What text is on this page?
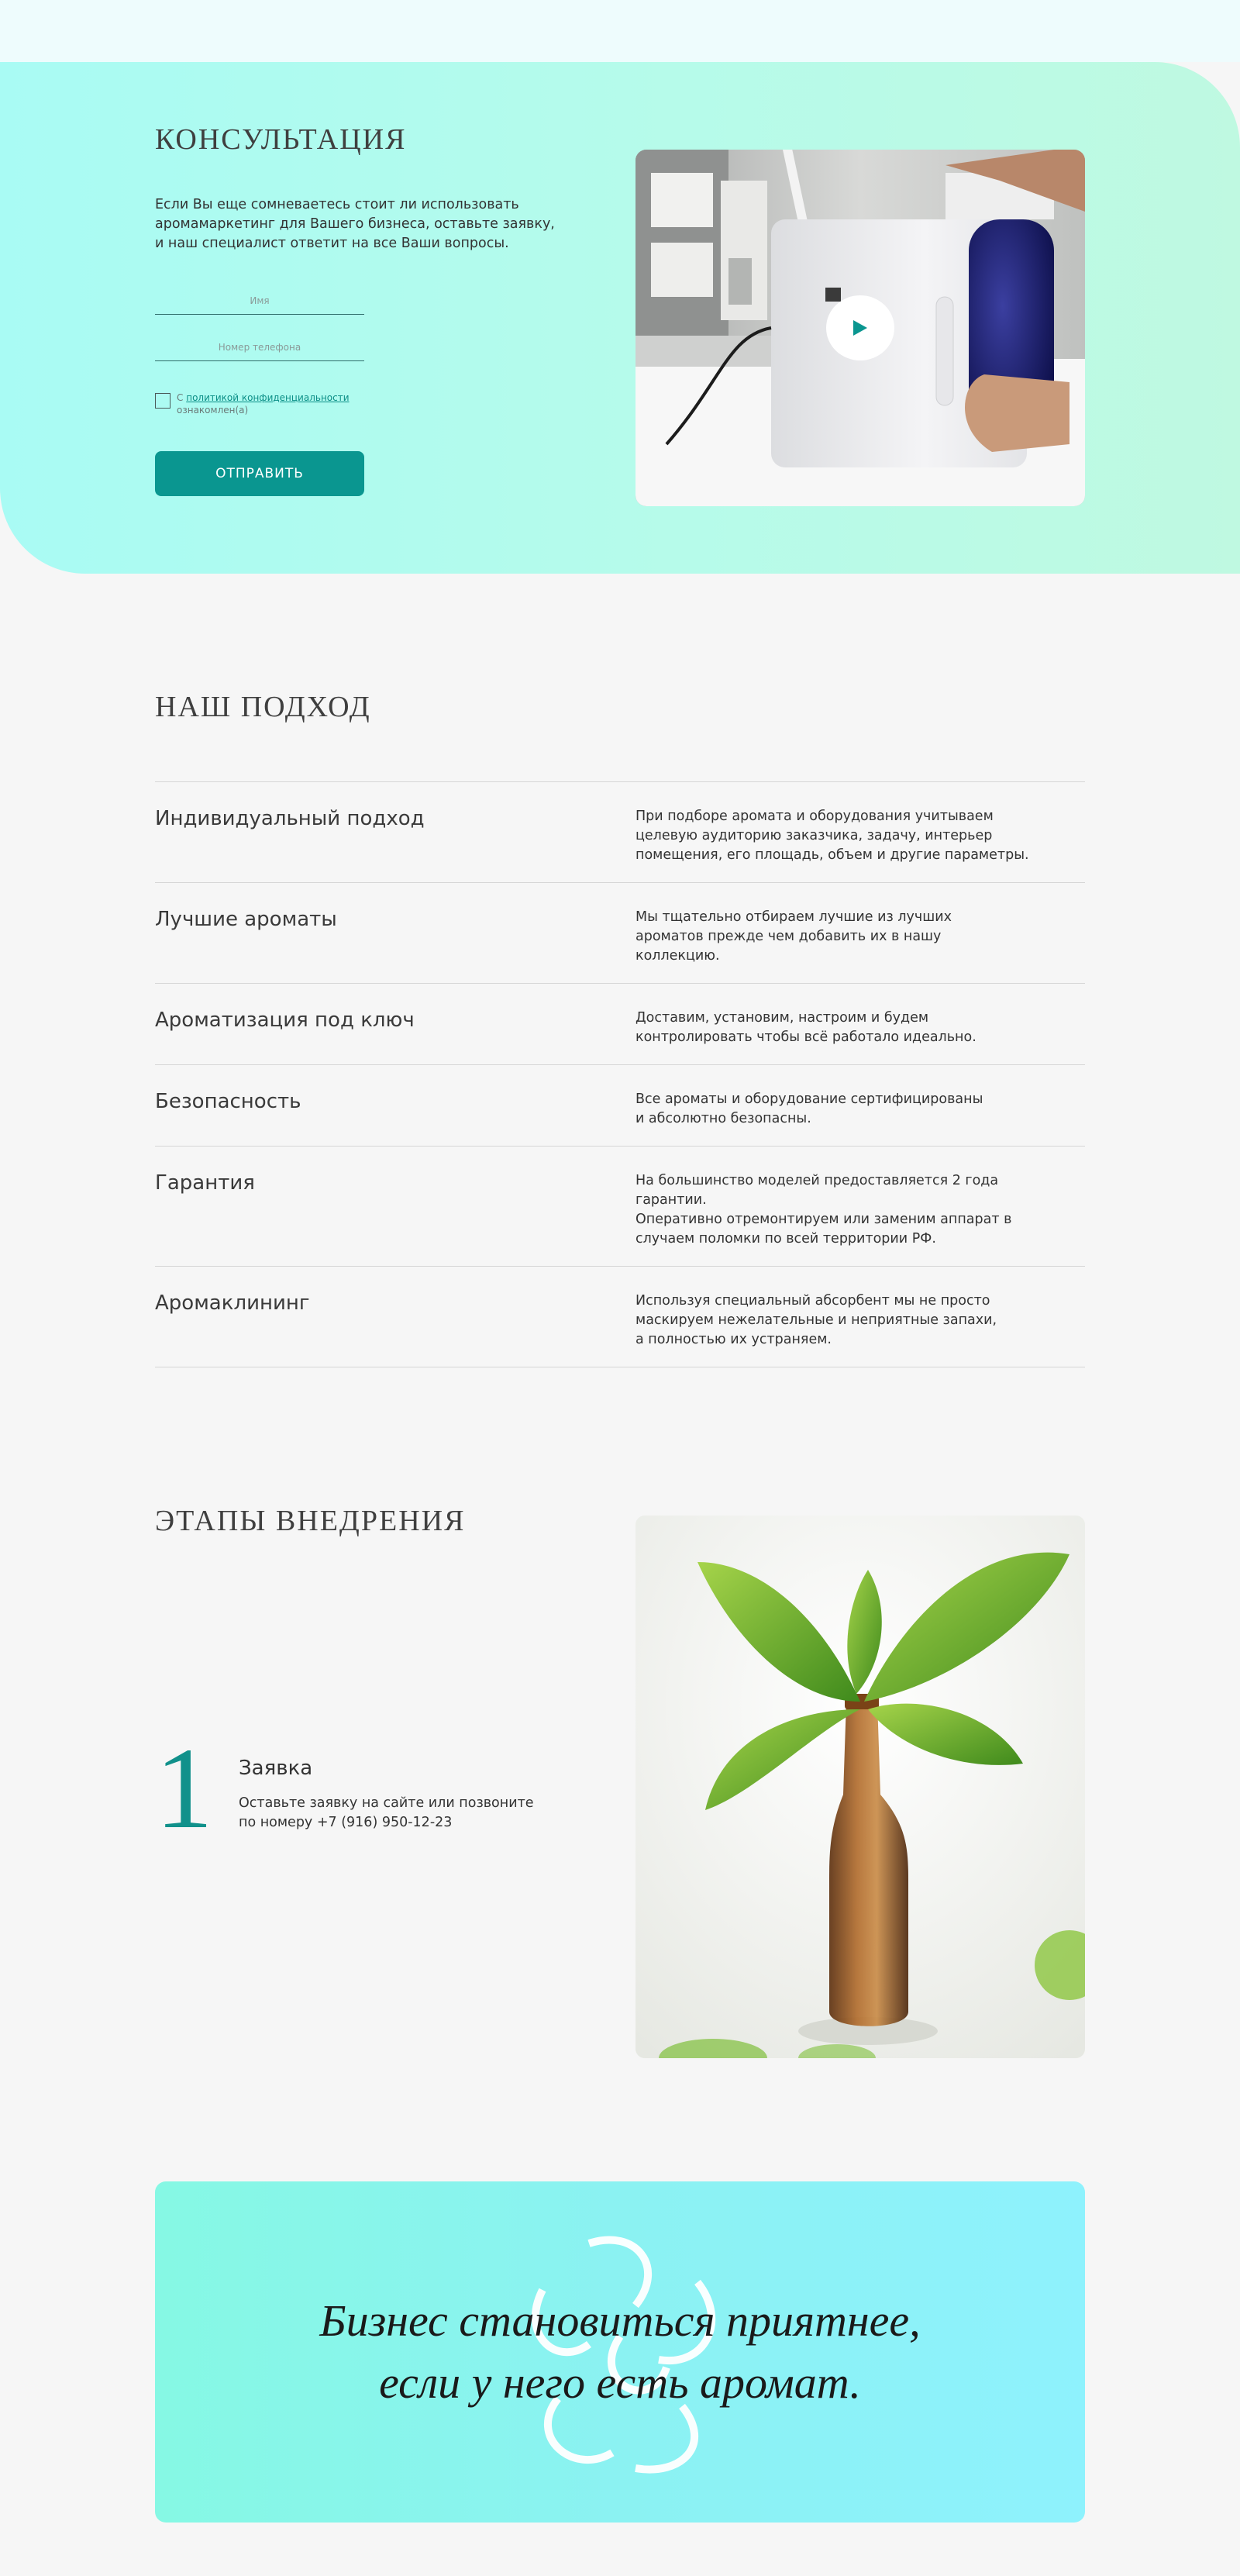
КОНСУЛЬТАЦИЯ

Если Вы еще сомневаетесь стоит ли использовать аромамаркетинг для Вашего бизнеса, оставьте заявку, и наш специалист ответит на все Ваши вопросы.

Имя
Номер телефона
С политикой конфиденциальности
ознакомлен(а)
ОТПРАВИТЬ
НАШ ПОДХОД
Индивидуальный подход	При подборе аромата и оборудования учитываем
целевую аудиторию заказчика, задачу, интерьер
помещения, его площадь, объем и другие параметры.
Лучшие ароматы	Мы тщательно отбираем лучшие из лучших
ароматов прежде чем добавить их в нашу
коллекцию.
Ароматизация под ключ	Доставим, установим, настроим и будем
контролировать чтобы всё работало идеально.
Безопасность	Все ароматы и оборудование сертифицированы
и абсолютно безопасны.
Гарантия	На большинство моделей предоставляется 2 года гарантии.
Оперативно отремонтируем или заменим аппарат в
случаем поломки по всей территории РФ.
Аромаклининг	Используя специальный абсорбент мы не просто
маскируем нежелательные и неприятные запахи,
а полностью их устраняем.
ЭТАПЫ ВНЕДРЕНИЯ
1 Заявка
Оставьте заявку на сайте или позвоните
по номеру +7 (916) 950-12-23
Бизнес становиться приятнее,
если у него есть аромат.
